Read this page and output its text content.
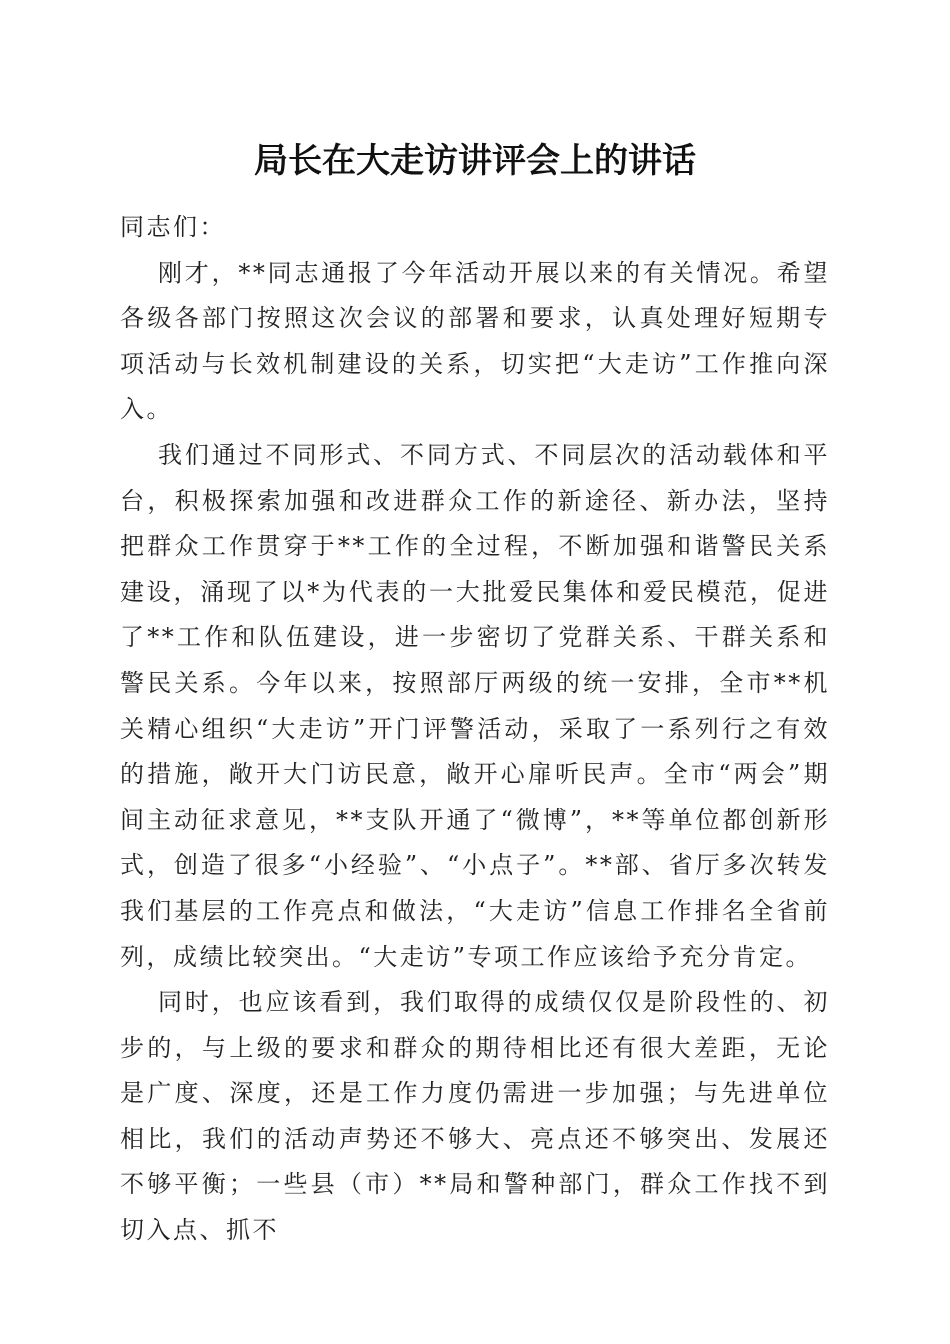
局长在大走访讲评会上的讲话

同志们：

刚才，**同志通报了今年活动开展以来的有关情况。希望各级各部门按照这次会议的部署和要求，认真处理好短期专项活动与长效机制建设的关系，切实把“大走访”工作推向深入。

我们通过不同形式、不同方式、不同层次的活动载体和平台，积极探索加强和改进群众工作的新途径、新办法，坚持把群众工作贯穿于**工作的全过程，不断加强和谐警民关系建设，涌现了以*为代表的一大批爱民集体和爱民模范，促进了**工作和队伍建设，进一步密切了党群关系、干群关系和警民关系。今年以来，按照部厅两级的统一安排，全市**机关精心组织“大走访”开门评警活动，采取了一系列行之有效的措施，敞开大门访民意，敞开心扉听民声。全市“两会”期间主动征求意见，**支队开通了“微博”，**等单位都创新形式，创造了很多“小经验”、“小点子”。**部、省厅多次转发我们基层的工作亮点和做法，“大走访”信息工作排名全省前列，成绩比较突出。“大走访”专项工作应该给予充分肯定。

同时，也应该看到，我们取得的成绩仅仅是阶段性的、初步的，与上级的要求和群众的期待相比还有很大差距，无论是广度、深度，还是工作力度仍需进一步加强；与先进单位相比，我们的活动声势还不够大、亮点还不够突出、发展还不够平衡；一些县（市）**局和警种部门，群众工作找不到切入点、抓不
